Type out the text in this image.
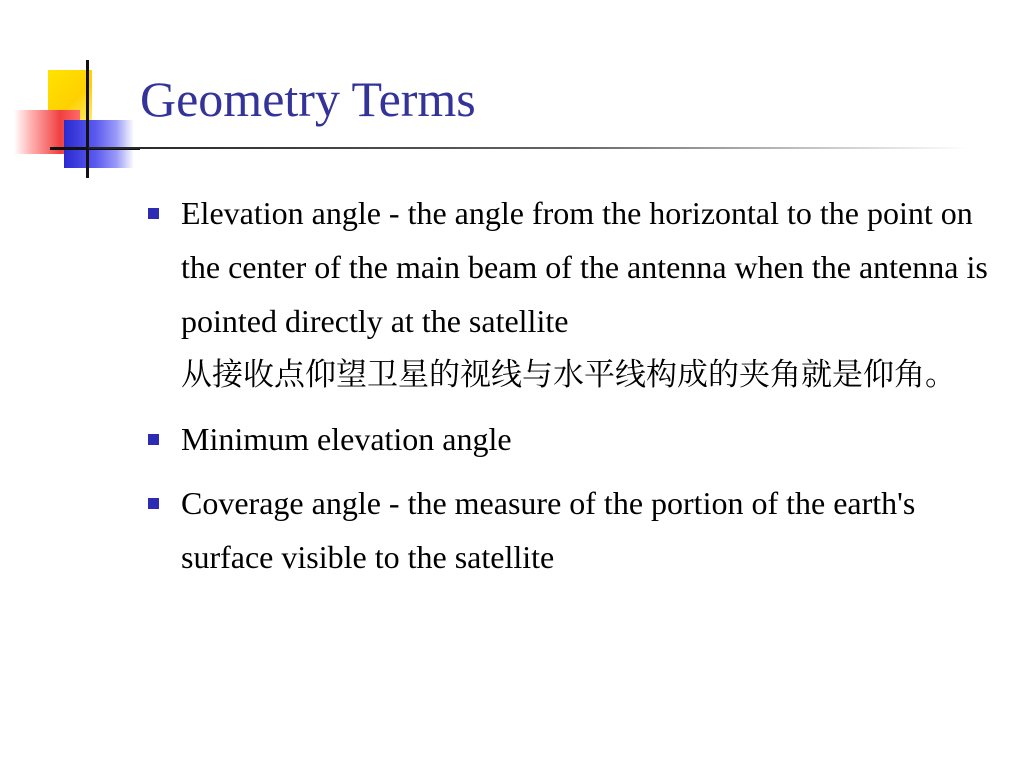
Geometry Terms
Elevation angle - the angle from the horizontal to the point on the center of the main beam of the antenna when the antenna is pointed directly at the satellite
从接收点仰望卫星的视线与水平线构成的夹角就是仰角。
Minimum elevation angle
Coverage angle - the measure of the portion of the earth's surface visible to the satellite
